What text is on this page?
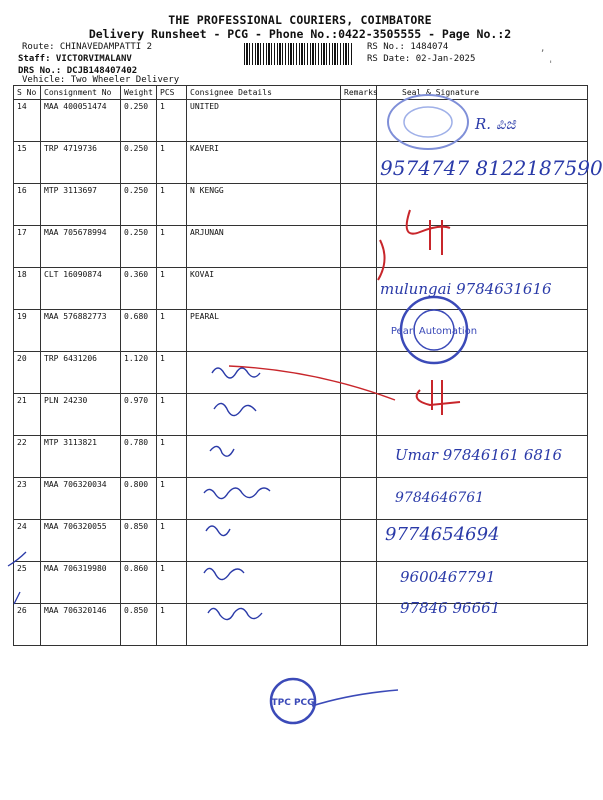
THE PROFESSIONAL COURIERS, COIMBATORE
Delivery Runsheet - PCG - Phone No.:0422-3505555 - Page No.:2
Route: CHINAVEDAMPATTI 2
Staff: VICTORVIMALANV
DRS No.: DCJB148407402
Vehicle: Two Wheeler Delivery
RS No.: 1484074
RS Date: 02-Jan-2025
,
'
S No	Consignment No	Weight	PCS	Consignee Details	Remarks	Seal & Signature
14	MAA 400051474	0.250	1	UNITED		
15	TRP 4719736	0.250	1	KAVERI		
16	MTP 3113697	0.250	1	N KENGG		
17	MAA 705678994	0.250	1	ARJUNAN		
18	CLT 16090874	0.360	1	KOVAI		
19	MAA 576882773	0.680	1	PEARAL		
20	TRP 6431206	1.120	1			
21	PLN 24230	0.970	1			
22	MTP 3113821	0.780	1			
23	MAA 706320034	0.800	1			
24	MAA 706320055	0.850	1			
25	MAA 706319980	0.860	1			
26	MAA 706320146	0.850	1			
Pearl Automation
TPC PCG
R. ಪಿಜಿ
9574747 8122187590
mulungai 9784631616
Umar 97846161 6816
9784646761
9774654694
9600467791
97846 96661
